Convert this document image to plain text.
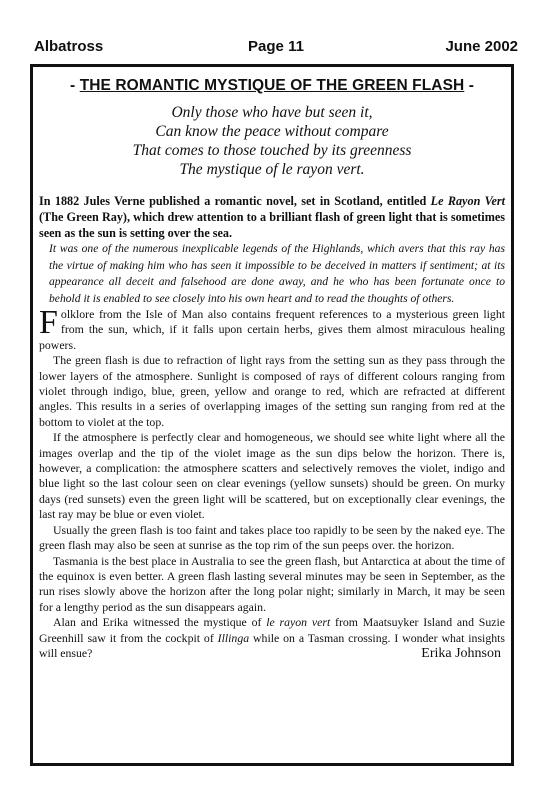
Albatross	Page 11	June 2002

- THE ROMANTIC MYSTIQUE OF THE GREEN FLASH -

Only those who have but seen it,
Can know the peace without compare
That comes to those touched by its greenness
The mystique of le rayon vert.

In 1882 Jules Verne published a romantic novel, set in Scotland, entitled Le Rayon Vert (The Green Ray), which drew attention to a brilliant flash of green light that is sometimes seen as the sun is setting over the sea.

It was one of the numerous inexplicable legends of the Highlands, which avers that this ray has the virtue of making him who has seen it impossible to be deceived in matters if sentiment; at its appearance all deceit and falsehood are done away, and he who has been fortunate once to behold it is enabled to see closely into his own heart and to read the thoughts of others.

Folklore from the Isle of Man also contains frequent references to a mysterious green light from the sun, which, if it falls upon certain herbs, gives them almost miraculous healing powers.

The green flash is due to refraction of light rays from the setting sun as they pass through the lower layers of the atmosphere. Sunlight is composed of rays of different colours ranging from violet through indigo, blue, green, yellow and orange to red, which are refracted at different angles. This results in a series of overlapping images of the setting sun ranging from red at the bottom to violet at the top.

If the atmosphere is perfectly clear and homogeneous, we should see white light where all the images overlap and the tip of the violet image as the sun dips below the horizon. There is, however, a complication: the atmosphere scatters and selectively removes the violet, indigo and blue light so the last colour seen on clear evenings (yellow sunsets) should be green. On murky days (red sunsets) even the green light will be scattered, but on exceptionally clear evenings, the last ray may be blue or even violet.

Usually the green flash is too faint and takes place too rapidly to be seen by the naked eye. The green flash may also be seen at sunrise as the top rim of the sun peeps over. the horizon.

Tasmania is the best place in Australia to see the green flash, but Antarctica at about the time of the equinox is even better. A green flash lasting several minutes may be seen in September, as the run rises slowly above the horizon after the long polar night; similarly in March, it may be seen for a lengthy period as the sun disappears again.

Alan and Erika witnessed the mystique of le rayon vert from Maatsuyker Island and Suzie Greenhill saw it from the cockpit of Illinga while on a Tasman crossing. I wonder what insights will ensue?	Erika Johnson
